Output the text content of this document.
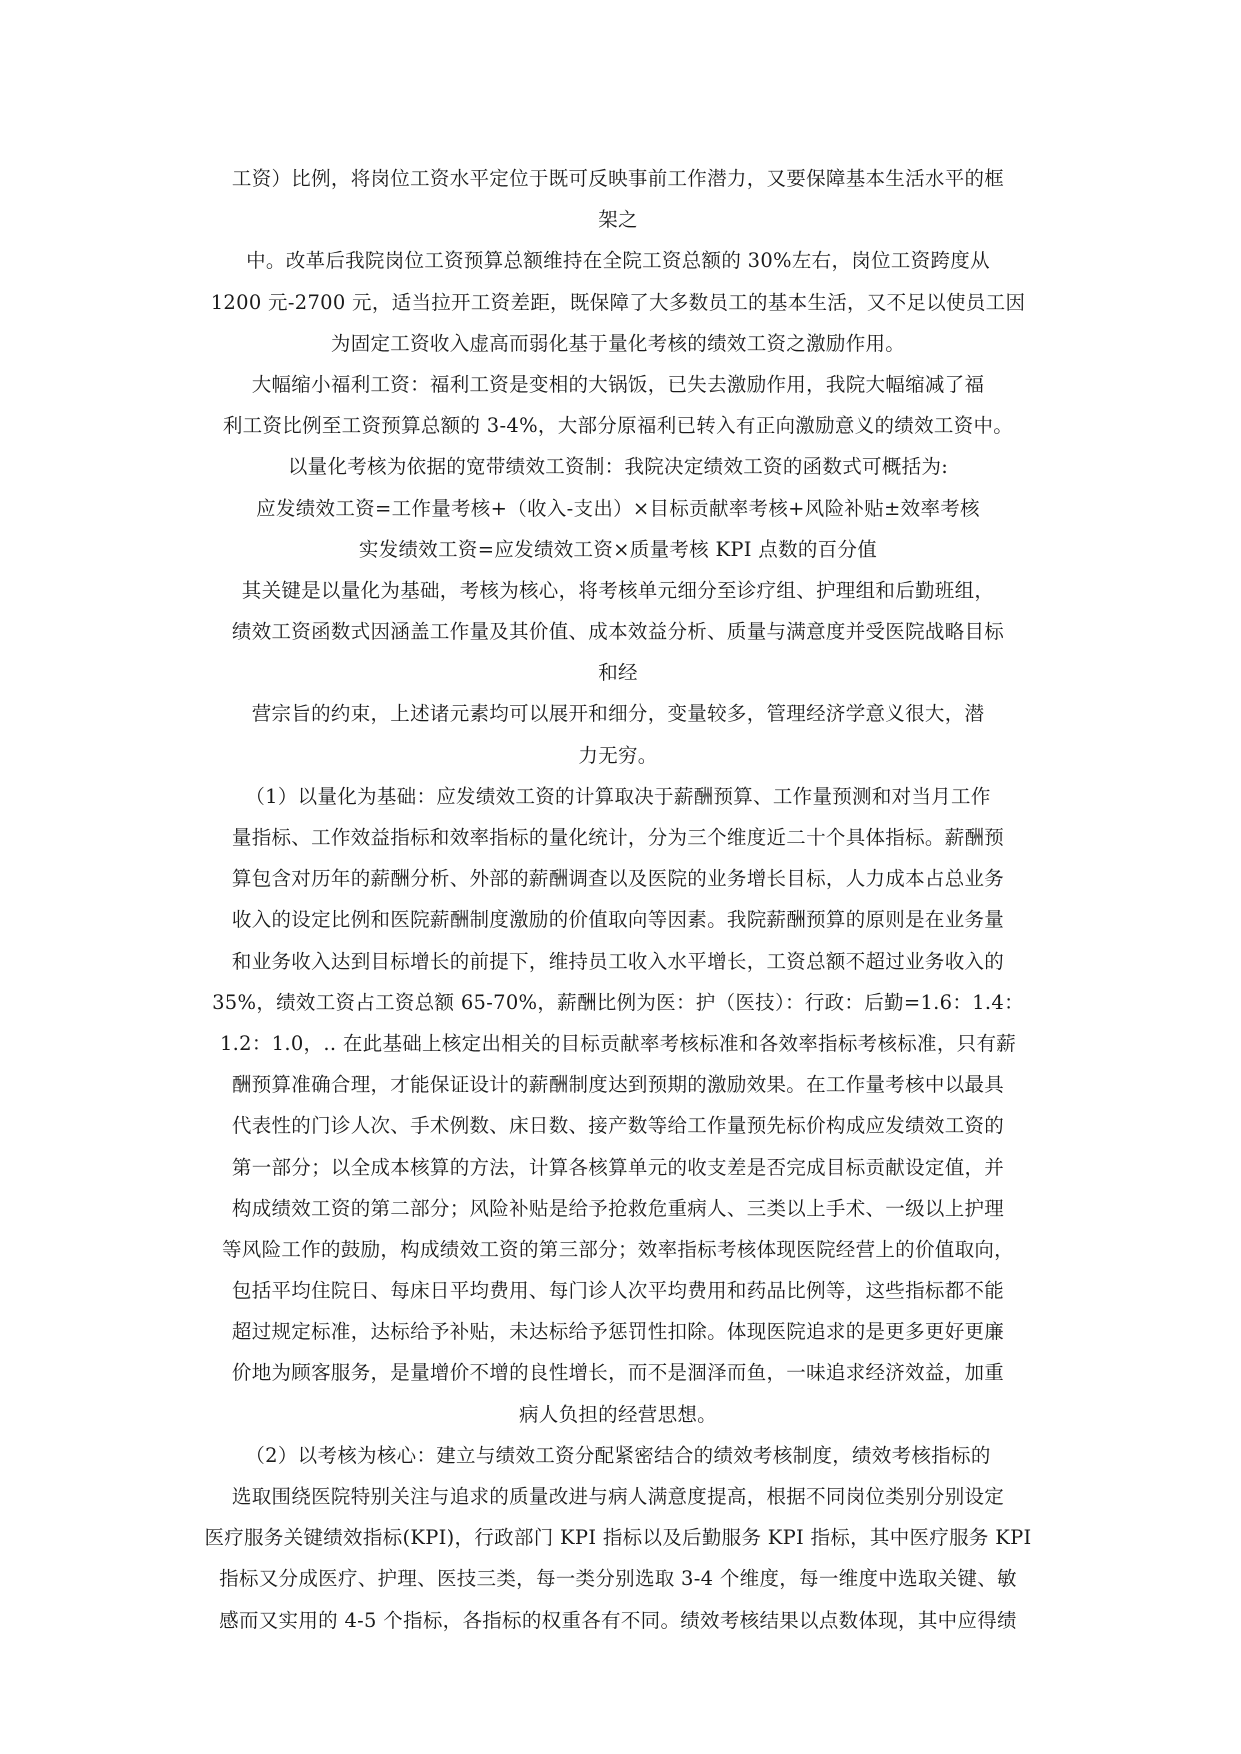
工资）比例，将岗位工资水平定位于既可反映事前工作潜力，又要保障基本生活水平的框
架之
中。改革后我院岗位工资预算总额维持在全院工资总额的 30%左右，岗位工资跨度从
1200 元-2700 元，适当拉开工资差距，既保障了大多数员工的基本生活，又不足以使员工因
为固定工资收入虚高而弱化基于量化考核的绩效工资之激励作用。
大幅缩小福利工资：福利工资是变相的大锅饭，已失去激励作用，我院大幅缩减了福
利工资比例至工资预算总额的 3-4%，大部分原福利已转入有正向激励意义的绩效工资中。
以量化考核为依据的宽带绩效工资制：我院决定绩效工资的函数式可概括为:
应发绩效工资=工作量考核+（收入-支出）×目标贡献率考核+风险补贴±效率考核
实发绩效工资=应发绩效工资×质量考核 KPI 点数的百分值
其关键是以量化为基础，考核为核心，将考核单元细分至诊疗组、护理组和后勤班组，
绩效工资函数式因涵盖工作量及其价值、成本效益分析、质量与满意度并受医院战略目标
和经
营宗旨的约束，上述诸元素均可以展开和细分，变量较多，管理经济学意义很大，潜
力无穷。
（1）以量化为基础：应发绩效工资的计算取决于薪酬预算、工作量预测和对当月工作
量指标、工作效益指标和效率指标的量化统计，分为三个维度近二十个具体指标。薪酬预
算包含对历年的薪酬分析、外部的薪酬调查以及医院的业务增长目标，人力成本占总业务
收入的设定比例和医院薪酬制度激励的价值取向等因素。我院薪酬预算的原则是在业务量
和业务收入达到目标增长的前提下，维持员工收入水平增长，工资总额不超过业务收入的
35%，绩效工资占工资总额 65-70%，薪酬比例为医：护（医技）：行政：后勤=1.6：1.4：
1.2：1.0，.. 在此基础上核定出相关的目标贡献率考核标准和各效率指标考核标准，只有薪
酬预算准确合理，才能保证设计的薪酬制度达到预期的激励效果。在工作量考核中以最具
代表性的门诊人次、手术例数、床日数、接产数等给工作量预先标价构成应发绩效工资的
第一部分；以全成本核算的方法，计算各核算单元的收支差是否完成目标贡献设定值，并
构成绩效工资的第二部分；风险补贴是给予抢救危重病人、三类以上手术、一级以上护理
等风险工作的鼓励，构成绩效工资的第三部分；效率指标考核体现医院经营上的价值取向，
包括平均住院日、每床日平均费用、每门诊人次平均费用和药品比例等，这些指标都不能
超过规定标准，达标给予补贴，未达标给予惩罚性扣除。体现医院追求的是更多更好更廉
价地为顾客服务，是量增价不增的良性增长，而不是涸泽而鱼，一味追求经济效益，加重
病人负担的经营思想。
（2）以考核为核心：建立与绩效工资分配紧密结合的绩效考核制度，绩效考核指标的
选取围绕医院特别关注与追求的质量改进与病人满意度提高，根据不同岗位类别分别设定
医疗服务关键绩效指标(KPI)，行政部门 KPI 指标以及后勤服务 KPI 指标，其中医疗服务 KPI
指标又分成医疗、护理、医技三类，每一类分别选取 3-4 个维度，每一维度中选取关键、敏
感而又实用的 4-5 个指标，各指标的权重各有不同。绩效考核结果以点数体现，其中应得绩
